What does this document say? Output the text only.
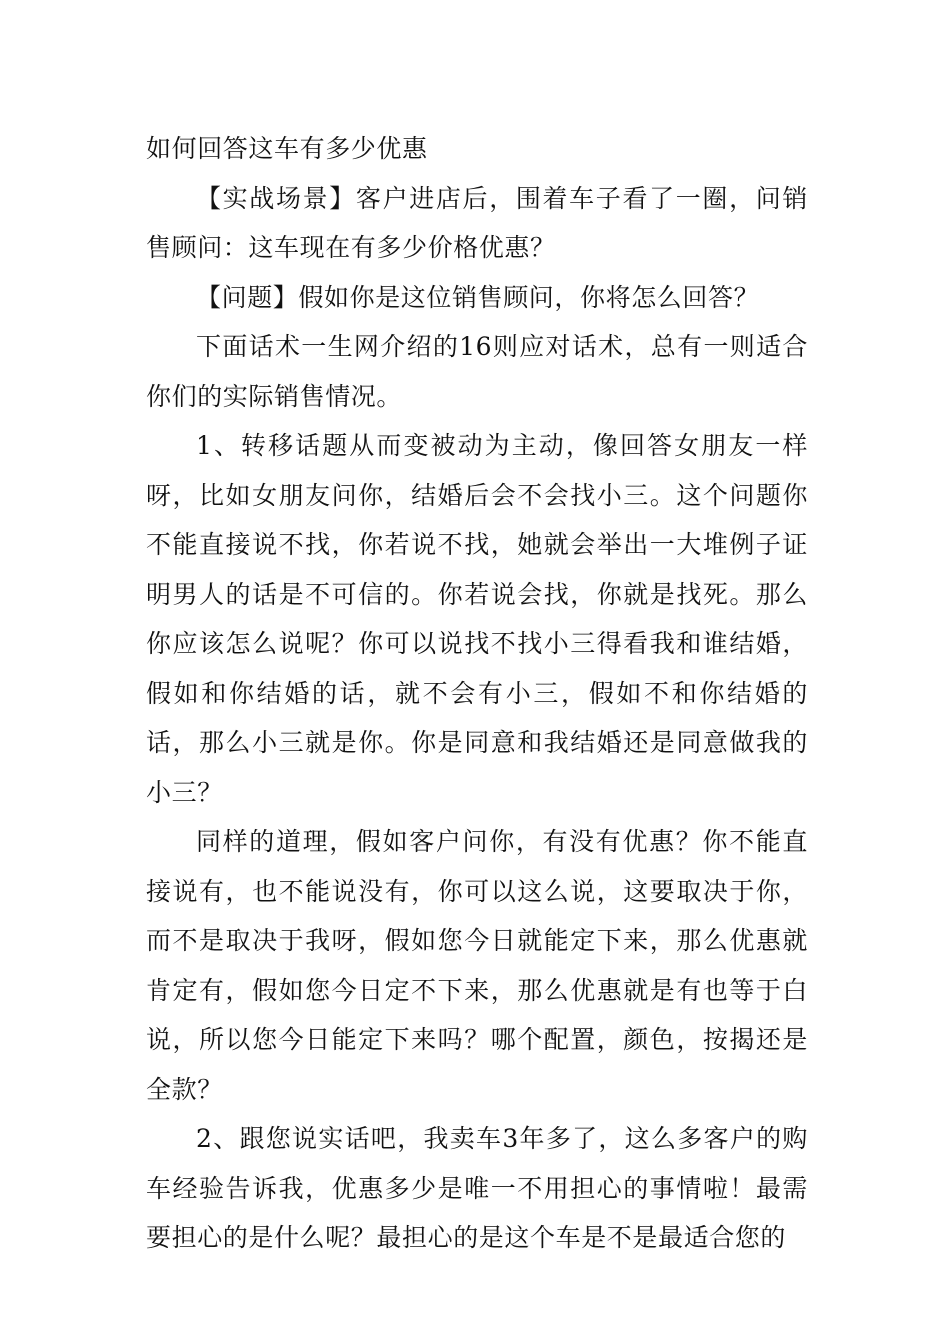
如何回答这车有多少优惠

【实战场景】客户进店后，围着车子看了一圈，问销售顾问：这车现在有多少价格优惠？

【问题】假如你是这位销售顾问，你将怎么回答？

下面话术一生网介绍的16则应对话术，总有一则适合你们的实际销售情况。

1、转移话题从而变被动为主动，像回答女朋友一样呀，比如女朋友问你，结婚后会不会找小三。这个问题你不能直接说不找，你若说不找，她就会举出一大堆例子证明男人的话是不可信的。你若说会找，你就是找死。那么你应该怎么说呢？你可以说找不找小三得看我和谁结婚，假如和你结婚的话，就不会有小三，假如不和你结婚的话，那么小三就是你。你是同意和我结婚还是同意做我的小三？

同样的道理，假如客户问你，有没有优惠？你不能直接说有，也不能说没有，你可以这么说，这要取决于你，而不是取决于我呀，假如您今日就能定下来，那么优惠就肯定有，假如您今日定不下来，那么优惠就是有也等于白说，所以您今日能定下来吗？哪个配置，颜色，按揭还是全款？

2、跟您说实话吧，我卖车3年多了，这么多客户的购车经验告诉我，优惠多少是唯一不用担心的事情啦！最需要担心的是什么呢？最担心的是这个车是不是最适合您的
